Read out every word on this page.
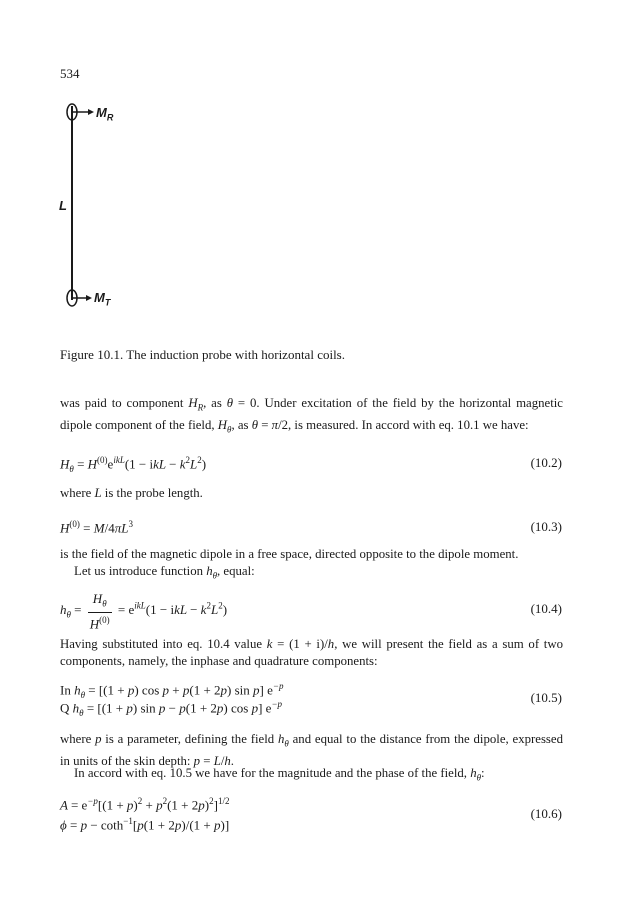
534
$M_R$
L
$M_T$
Figure 10.1. The induction probe with horizontal coils.
was paid to component $H_R$, as θ = 0. Under excitation of the field by the horizontal magnetic dipole component of the field, $H_\theta$, as θ = π/2, is measured. In accord with eq. 10.1 we have:
$H_\theta = H^{(0)}e^{ikL}(1$ − ikL − $k^2L^2$)	(10.2)
where L is the probe length.
$H^{(0)} = M/4\pi L^3$	(10.3)
is the field of the magnetic dipole in a free space, directed opposite to the dipole moment.
Let us introduce function $h_\theta$, equal:
$h_\theta = \frac{H_\theta}{H^{(0)}} = e^{ikL}(1$ − ikL − $k^2L^2$)	(10.4)
Having substituted into eq. 10.4 value k = (1 + i)/h, we will present the field as a sum of two components, namely, the inphase and quadrature components:
In $h_\theta = [(1 + p)$ cos p + p(1 + 2p) sin p] $e^{-p}$
Q $h_\theta = [(1 + p)$ sin p − p(1 + 2p) cos p] $e^{-p}$	(10.5)
where p is a parameter, defining the field $h_\theta$ and equal to the distance from the dipole, expressed in units of the skin depth: p = L/h.
In accord with eq. 10.5 we have for the magnitude and the phase of the field, $h_\theta$:
$A = e^{-p}[(1 + p)^2 + p^2(1 + 2p)^2]^{1/2}$
ϕ = p − coth$^{-1}$[p(1 + 2p)/(1 + p)]
(10.6)
